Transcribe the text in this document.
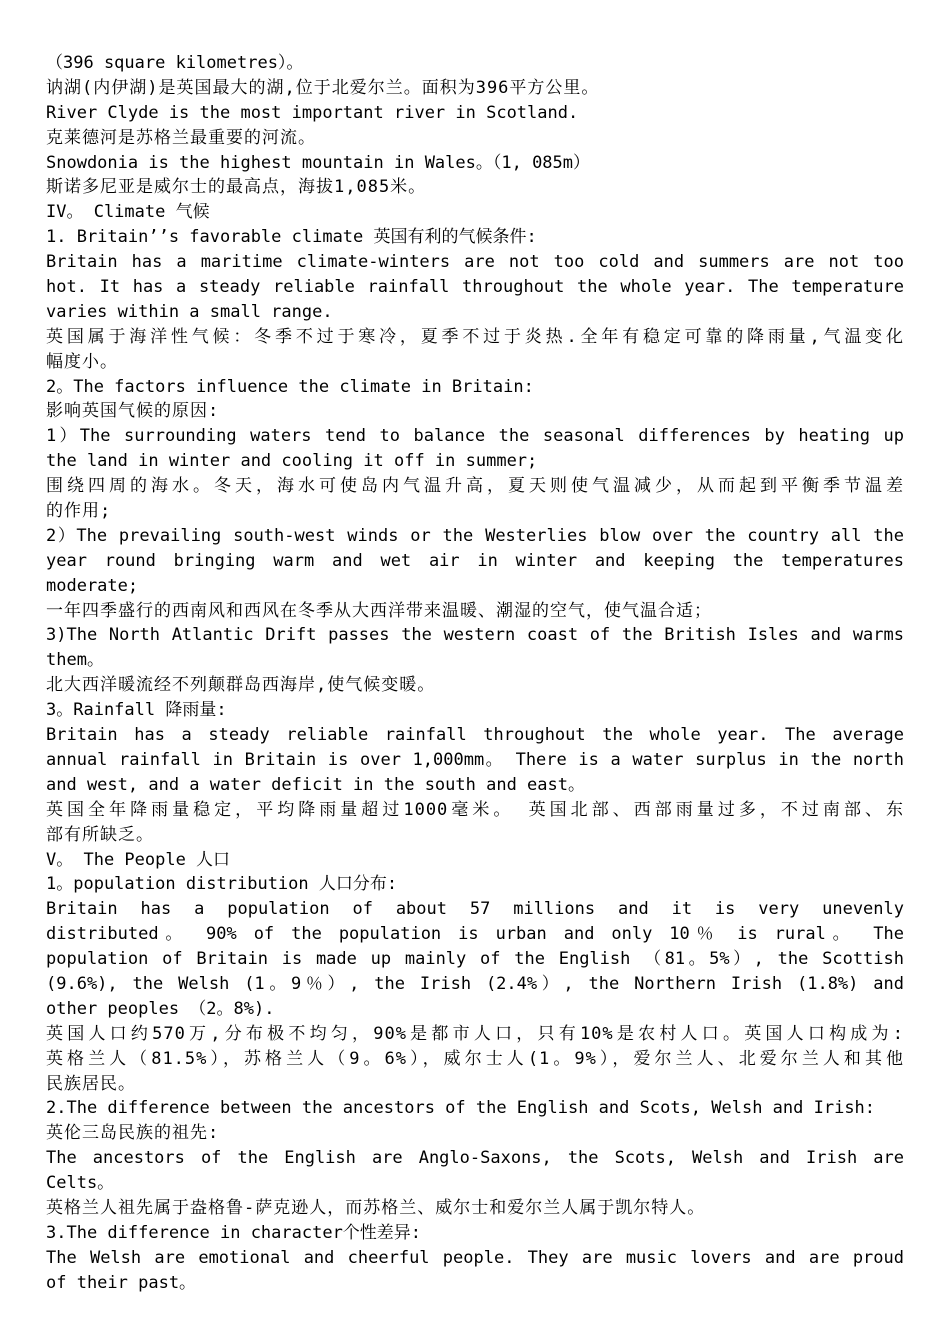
（396 square kilometres）。
讷湖(内伊湖)是英国最大的湖,位于北爱尔兰。面积为396平方公里。
River Clyde is the most important river in Scotland.
克莱德河是苏格兰最重要的河流。
Snowdonia is the highest mountain in Wales。（1, 085m）
斯诺多尼亚是威尔士的最高点，海拔1,085米。
IV。 Climate 气候
1. Britain’’s favorable climate 英国有利的气候条件:
Britain has a maritime climate-winters are not too cold and summers are not too
hot. It has a steady reliable rainfall throughout the whole year. The temperature
varies within a small range.
英国属于海洋性气候：冬季不过于寒冷，夏季不过于炎热.全年有稳定可靠的降雨量,气温变化
幅度小。
2。The factors influence the climate in Britain:
影响英国气候的原因:
1）The surrounding waters tend to balance the seasonal differences by heating up
the land in winter and cooling it off in summer;
围绕四周的海水。冬天，海水可使岛内气温升高，夏天则使气温减少，从而起到平衡季节温差
的作用;
2）The prevailing south-west winds or the Westerlies blow over the country all the
year round bringing warm and wet air in winter and keeping the temperatures
moderate;
一年四季盛行的西南风和西风在冬季从大西洋带来温暖、潮湿的空气，使气温合适；
3)The North Atlantic Drift passes the western coast of the British Isles and warms
them。
北大西洋暖流经不列颠群岛西海岸,使气候变暖。
3。Rainfall 降雨量:
Britain has a steady reliable rainfall throughout the whole year. The average
annual rainfall in Britain is over 1,000mm。 There is a water surplus in the north
and west, and a water deficit in the south and east。
英国全年降雨量稳定，平均降雨量超过1000毫米。 英国北部、西部雨量过多，不过南部、东
部有所缺乏。
V。 The People 人口
1。population distribution 人口分布:
Britain has a population of about 57 millions and it is very unevenly
distributed。 90% of the population is urban and only 10％ is rural。 The
population of Britain is made up mainly of the English （81。5%）, the Scottish
(9.6%), the Welsh (1。9％）, the Irish (2.4%）, the Northern Irish (1.8%) and
other peoples （2。8%).
英国人口约570万,分布极不均匀，90%是都市人口，只有10%是农村人口。英国人口构成为:
英格兰人（81.5%），苏格兰人（9。6%），威尔士人(1。9%），爱尔兰人、北爱尔兰人和其他
民族居民。
2.The difference between the ancestors of the English and Scots, Welsh and Irish:
英伦三岛民族的祖先:
The ancestors of the English are Anglo-Saxons, the Scots, Welsh and Irish are
Celts。
英格兰人祖先属于盎格鲁-萨克逊人，而苏格兰、威尔士和爱尔兰人属于凯尔特人。
3.The difference in character个性差异:
The Welsh are emotional and cheerful people. They are music lovers and are proud
of their past。
